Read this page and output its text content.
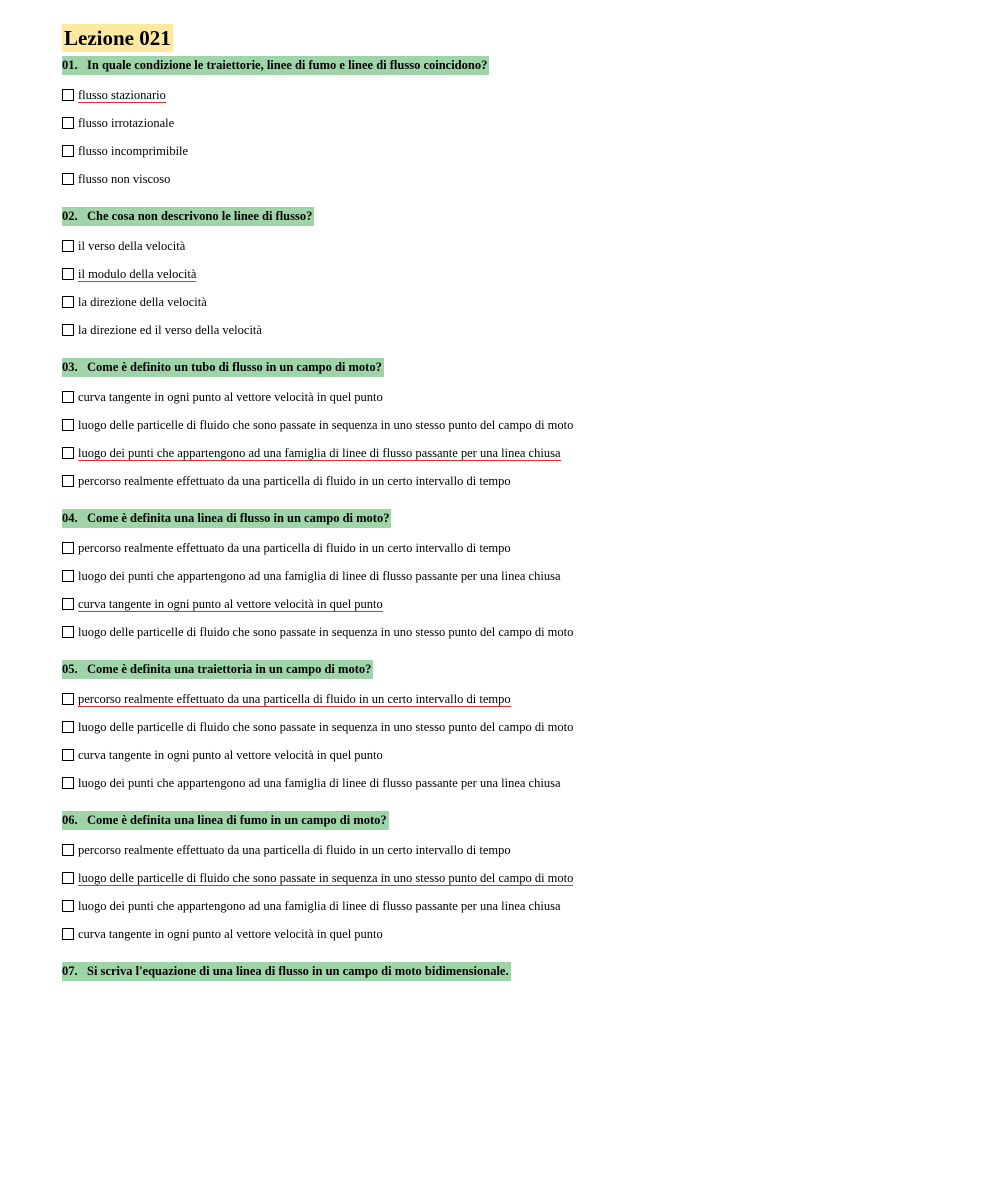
Lezione 021
01. In quale condizione le traiettorie, linee di fumo e linee di flusso coincidono?
flusso stazionario
flusso irrotazionale
flusso incomprimibile
flusso non viscoso
02. Che cosa non descrivono le linee di flusso?
il verso della velocità
il modulo della velocità
la direzione della velocità
la direzione ed il verso della velocità
03. Come è definito un tubo di flusso in un campo di moto?
curva tangente in ogni punto al vettore velocità in quel punto
luogo delle particelle di fluido che sono passate in sequenza in uno stesso punto del campo di moto
luogo dei punti che appartengono ad una famiglia di linee di flusso passante per una linea chiusa
percorso realmente effettuato da una particella di fluido in un certo intervallo di tempo
04. Come è definita una linea di flusso in un campo di moto?
percorso realmente effettuato da una particella di fluido in un certo intervallo di tempo
luogo dei punti che appartengono ad una famiglia di linee di flusso passante per una linea chiusa
curva tangente in ogni punto al vettore velocità in quel punto
luogo delle particelle di fluido che sono passate in sequenza in uno stesso punto del campo di moto
05. Come è definita una traiettoria in un campo di moto?
percorso realmente effettuato da una particella di fluido in un certo intervallo di tempo
luogo delle particelle di fluido che sono passate in sequenza in uno stesso punto del campo di moto
curva tangente in ogni punto al vettore velocità in quel punto
luogo dei punti che appartengono ad una famiglia di linee di flusso passante per una linea chiusa
06. Come è definita una linea di fumo in un campo di moto?
percorso realmente effettuato da una particella di fluido in un certo intervallo di tempo
luogo delle particelle di fluido che sono passate in sequenza in uno stesso punto del campo di moto
luogo dei punti che appartengono ad una famiglia di linee di flusso passante per una linea chiusa
curva tangente in ogni punto al vettore velocità in quel punto
07. Si scriva l'equazione di una linea di flusso in un campo di moto bidimensionale.
